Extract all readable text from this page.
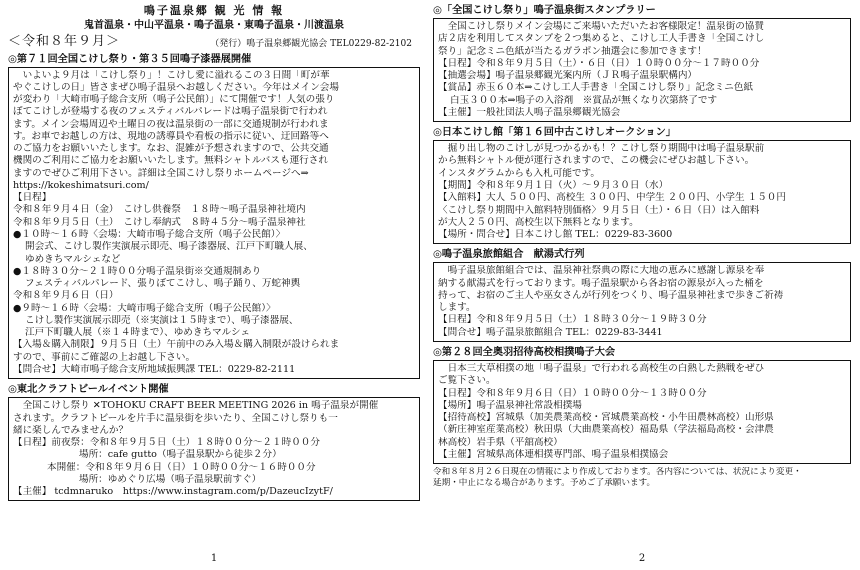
鳴子温泉郷 観 光 情 報
鬼首温泉・中山平温泉・鳴子温泉・東鳴子温泉・川渡温泉
＜令和８年９月＞	（発行）鳴子温泉郷観光協会 TEL0229-82-2102
◎第７１回全国こけし祭り・第３５回鳴子漆器展開催
　いよいよ９月は「こけし祭り」！こけし愛に溢れるこの３日間「町が華
やぐこけしの日」皆さまぜひ鳴子温泉へお越しください。今年はメイン会場
が変わり「大崎市鳴子総合支所（鳴子公民館）」にて開催です！人気の張り
ぼてこけしが登場する夜のフェスティバルパレードは鳴子温泉街で行われ
ます。メイン会場周辺や土曜日の夜は温泉街の一部に交通規制が行われま
す。お車でお越しの方は、現地の誘導員や看板の指示に従い、迂回路等へ
のご協力をお願いいたします。なお、混雑が予想されますので、公共交通
機関のご利用にご協力をお願いいたします。無料シャトルバスも運行され
ますのでぜひご利用下さい。詳細は全国こけし祭りホームページへ⇒
https://kokeshimatsuri.com/
【日程】
令和８年９月４日（金）　こけし供養祭　１８時～鳴子温泉神社境内
令和８年９月５日（土）　こけし奉納式　８時４５分～鳴子温泉神社
●１０時～１６時〈会場：大崎市鳴子総合支所（鳴子公民館）〉
開会式、こけし製作実演展示即売、鳴子漆器展、江戸下町職人展、
ゆめきちマルシェなど
●１８時３０分～２１時００分鳴子温泉街※交通規制あり
フェスティバルパレード、張りぼてこけし、鳴子踊り、万蛇神輿
令和８年９月６日（日）
●９時～１６時〈会場：大崎市鳴子総合支所（鳴子公民館）〉
こけし製作実演展示即売（※実演は１５時まで）、鳴子漆器展、
江戸下町職人展（※１４時まで）、ゆめきちマルシェ
【入場＆購入制限】９月５日（土）午前中のみ入場＆購入制限が設けられま
すので、事前にご確認の上お越し下さい。
【問合せ】大崎市鳴子総合支所地域振興課 TEL：0229-82-2111
◎東北クラフトビールイベント開催
　全国こけし祭り ✕TOHOKU CRAFT BEER MEETING 2026 in 鳴子温泉が開催
されます。クラフトビールを片手に温泉街を歩いたり、全国こけし祭りも一
緒に楽しんでみませんか？
【日程】前夜祭：令和８年９月５日（土）１８時００分～２１時００分
場所：cafe gutto（鳴子温泉駅から徒歩２分）
本開催：令和８年９月６日（日）１０時００分～１６時００分
場所：ゆめぐり広場（鳴子温泉駅前すぐ）
【主催】 tcdmnaruko　https://www.instagram.com/p/DazeucIzytF/
1
◎「全国こけし祭り」鳴子温泉街スタンプラリー
　全国こけし祭りメイン会場にご来場いただいたお客様限定！温泉街の協賛
店２店を利用してスタンプを２つ集めると、こけし工人手書き「全国こけし
祭り」記念ミニ色紙が当たるガラポン抽選会に参加できます！
【日程】令和８年９月５日（土）・６日（日）１０時００分～１７時００分
【抽選会場】鳴子温泉郷観光案内所（ＪＲ鳴子温泉駅構内）
【賞品】赤玉６０本⇒こけし工人手書き「全国こけし祭り」記念ミニ色紙
白玉３００本⇒鳴子の入浴剤　※賞品が無くなり次第終了です
【主催】一般社団法人鳴子温泉郷観光協会
◎日本こけし館「第１６回中古こけしオークション」
　掘り出し物のこけしが見つかるかも！？こけし祭り期間中は鳴子温泉駅前
から無料シャトル便が運行されますので、この機会にぜひお越し下さい。
インスタグラムからも入札可能です。
【期間】令和８年９月１日（火）～９月３０日（水）
【入館料】大人 ５００円、高校生 ３００円、中学生 ２００円、小学生 １５０円
〈こけし祭り期間中入館料特別価格〉９月５日（土）・６日（日）は入館料
が大人２５０円、高校生以下無料となります。
【場所・問合せ】日本こけし館 TEL：0229-83-3600
◎鳴子温泉旅館組合　献湯式行列
　鳴子温泉旅館組合では、温泉神社祭典の際に大地の恵みに感謝し源泉を奉
納する献湯式を行っております。鳴子温泉駅から各お宿の源泉が入った桶を
持って、お宿のご主人や巫女さんが行列をつくり、鳴子温泉神社まで歩きご祈祷
します。
【日程】令和８年９月５日（土）１８時３０分～１９時３０分
【問合せ】鳴子温泉旅館組合 TEL：0229-83-3441
◎第２８回全奥羽招待高校相撲鳴子大会
　日本三大草相撲の地「鳴子温泉」で行われる高校生の白熱した熱戦をぜひ
ご覧下さい。
【日程】令和８年９月６日（日）１０時００分～１３時００分
【場所】鳴子温泉神社常設相撲場
【招待高校】宮城県（加美農業高校・宮城農業高校・小牛田農林高校）山形県
（新庄神室産業高校）秋田県（大曲農業高校）福島県（学法福島高校・会津農
林高校）岩手県（平舘高校）
【主催】宮城県高体連相撲専門部、鳴子温泉相撲協会
令和８年８月２６日現在の情報により作成しております。各内容については、状況により変更・
延期・中止になる場合があります。予めご了承願います。
2
